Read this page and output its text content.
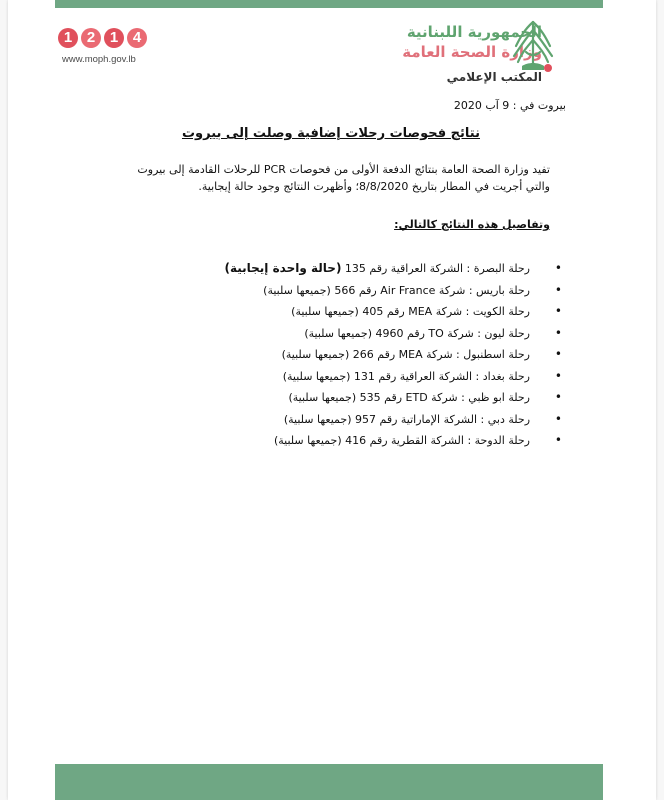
1 2 1 4
www.moph.gov.lb
الجمهورية اللبنانية
وزارة الصحة العامة
المكتب الإعلامي
بيروت في : 9 آب 2020
نتائج فحوصات رحلات إضافية وصلت إلى بيروت
تفيد وزارة الصحة العامة بنتائج الدفعة الأولى من فحوصات PCR للرحلات القادمة إلى بيروت والتي أجريت في المطار بتاريخ 8/8/2020؛ وأظهرت النتائج وجود حالة إيجابية.
وتفاصيل هذه النتائج كالتالي:
• رحلة البصرة : الشركة العراقية رقم 135 (حالة واحدة إيجابية)
• رحلة باريس : شركة Air France رقم 566 (جميعها سلبية)
• رحلة الكويت : شركة MEA رقم 405 (جميعها سلبية)
• رحلة ليون : شركة TO رقم 4960 (جميعها سلبية)
• رحلة اسطنبول : شركة MEA رقم 266 (جميعها سلبية)
• رحلة بغداد : الشركة العراقية رقم 131 (جميعها سلبية)
• رحلة ابو ظبي : شركة ETD رقم 535 (جميعها سلبية)
• رحلة دبي : الشركة الإماراتية رقم 957 (جميعها سلبية)
• رحلة الدوحة : الشركة القطرية رقم 416 (جميعها سلبية)
